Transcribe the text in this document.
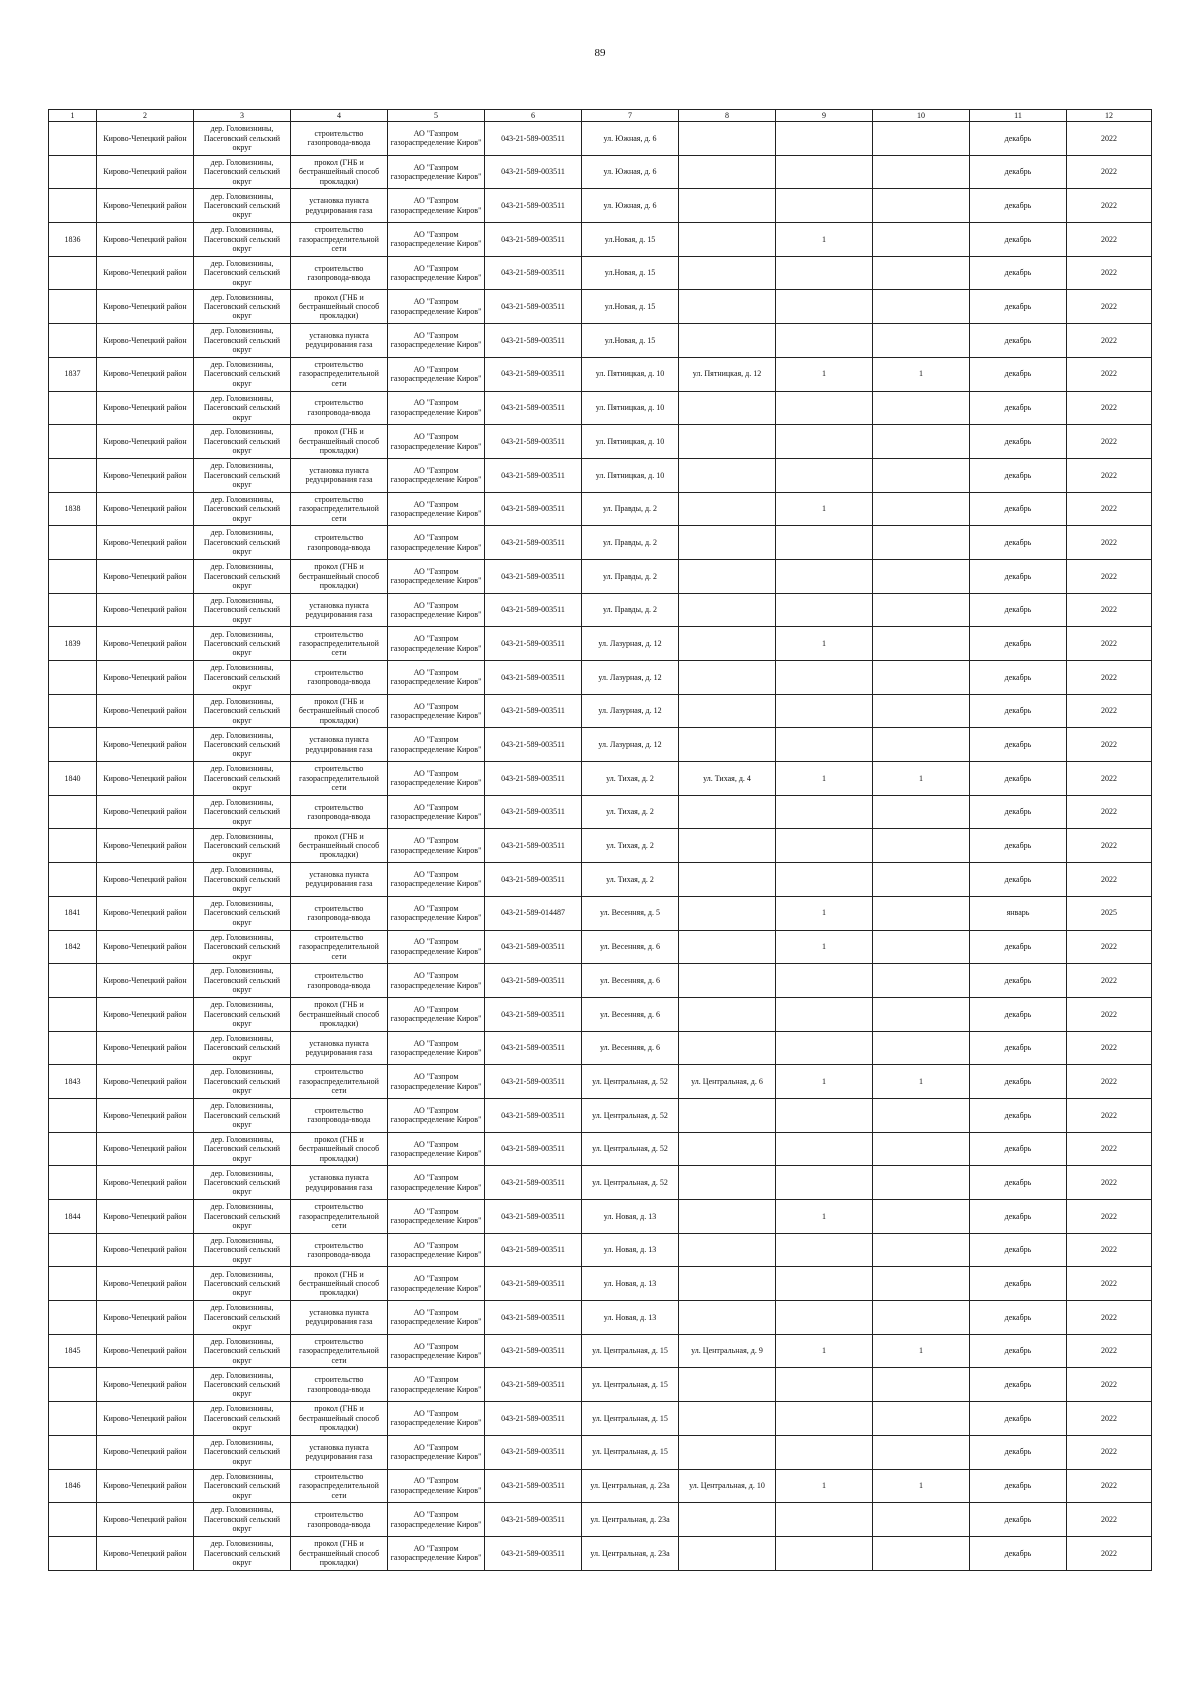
89
1	2	3	4	5	6	7	8	9	10	11	12
	Кирово-Чепецкий район	дер. Головизнины, Пасеговский сельский округ	строительство газопровода-ввода	АО "Газпром газораспределение Киров"	043-21-589-003511	ул. Южная, д. 6				декабрь	2022
	Кирово-Чепецкий район	дер. Головизнины, Пасеговский сельский округ	прокол (ГНБ и бестраншейный способ прокладки)	АО "Газпром газораспределение Киров"	043-21-589-003511	ул. Южная, д. 6				декабрь	2022
	Кирово-Чепецкий район	дер. Головизнины, Пасеговский сельский округ	установка пункта редуцирования газа	АО "Газпром газораспределение Киров"	043-21-589-003511	ул. Южная, д. 6				декабрь	2022
1836	Кирово-Чепецкий район	дер. Головизнины, Пасеговский сельский округ	строительство газораспределительной сети	АО "Газпром газораспределение Киров"	043-21-589-003511	ул.Новая, д. 15		1		декабрь	2022
	Кирово-Чепецкий район	дер. Головизнины, Пасеговский сельский округ	строительство газопровода-ввода	АО "Газпром газораспределение Киров"	043-21-589-003511	ул.Новая, д. 15				декабрь	2022
	Кирово-Чепецкий район	дер. Головизнины, Пасеговский сельский округ	прокол (ГНБ и бестраншейный способ прокладки)	АО "Газпром газораспределение Киров"	043-21-589-003511	ул.Новая, д. 15				декабрь	2022
	Кирово-Чепецкий район	дер. Головизнины, Пасеговский сельский округ	установка пункта редуцирования газа	АО "Газпром газораспределение Киров"	043-21-589-003511	ул.Новая, д. 15				декабрь	2022
1837	Кирово-Чепецкий район	дер. Головизнины, Пасеговский сельский округ	строительство газораспределительной сети	АО "Газпром газораспределение Киров"	043-21-589-003511	ул. Пятницкая, д. 10	ул. Пятницкая, д. 12	1	1	декабрь	2022
	Кирово-Чепецкий район	дер. Головизнины, Пасеговский сельский округ	строительство газопровода-ввода	АО "Газпром газораспределение Киров"	043-21-589-003511	ул. Пятницкая, д. 10				декабрь	2022
	Кирово-Чепецкий район	дер. Головизнины, Пасеговский сельский округ	прокол (ГНБ и бестраншейный способ прокладки)	АО "Газпром газораспределение Киров"	043-21-589-003511	ул. Пятницкая, д. 10				декабрь	2022
	Кирово-Чепецкий район	дер. Головизнины, Пасеговский сельский округ	установка пункта редуцирования газа	АО "Газпром газораспределение Киров"	043-21-589-003511	ул. Пятницкая, д. 10				декабрь	2022
1838	Кирово-Чепецкий район	дер. Головизнины, Пасеговский сельский округ	строительство газораспределительной сети	АО "Газпром газораспределение Киров"	043-21-589-003511	ул. Правды, д. 2		1		декабрь	2022
	Кирово-Чепецкий район	дер. Головизнины, Пасеговский сельский округ	строительство газопровода-ввода	АО "Газпром газораспределение Киров"	043-21-589-003511	ул. Правды, д. 2				декабрь	2022
	Кирово-Чепецкий район	дер. Головизнины, Пасеговский сельский округ	прокол (ГНБ и бестраншейный способ прокладки)	АО "Газпром газораспределение Киров"	043-21-589-003511	ул. Правды, д. 2				декабрь	2022
	Кирово-Чепецкий район	дер. Головизнины, Пасеговский сельский округ	установка пункта редуцирования газа	АО "Газпром газораспределение Киров"	043-21-589-003511	ул. Правды, д. 2				декабрь	2022
1839	Кирово-Чепецкий район	дер. Головизнины, Пасеговский сельский округ	строительство газораспределительной сети	АО "Газпром газораспределение Киров"	043-21-589-003511	ул. Лазурная, д. 12		1		декабрь	2022
	Кирово-Чепецкий район	дер. Головизнины, Пасеговский сельский округ	строительство газопровода-ввода	АО "Газпром газораспределение Киров"	043-21-589-003511	ул. Лазурная, д. 12				декабрь	2022
	Кирово-Чепецкий район	дер. Головизнины, Пасеговский сельский округ	прокол (ГНБ и бестраншейный способ прокладки)	АО "Газпром газораспределение Киров"	043-21-589-003511	ул. Лазурная, д. 12				декабрь	2022
	Кирово-Чепецкий район	дер. Головизнины, Пасеговский сельский округ	установка пункта редуцирования газа	АО "Газпром газораспределение Киров"	043-21-589-003511	ул. Лазурная, д. 12				декабрь	2022
1840	Кирово-Чепецкий район	дер. Головизнины, Пасеговский сельский округ	строительство газораспределительной сети	АО "Газпром газораспределение Киров"	043-21-589-003511	ул. Тихая, д. 2	ул. Тихая, д. 4	1	1	декабрь	2022
	Кирово-Чепецкий район	дер. Головизнины, Пасеговский сельский округ	строительство газопровода-ввода	АО "Газпром газораспределение Киров"	043-21-589-003511	ул. Тихая, д. 2				декабрь	2022
	Кирово-Чепецкий район	дер. Головизнины, Пасеговский сельский округ	прокол (ГНБ и бестраншейный способ прокладки)	АО "Газпром газораспределение Киров"	043-21-589-003511	ул. Тихая, д. 2				декабрь	2022
	Кирово-Чепецкий район	дер. Головизнины, Пасеговский сельский округ	установка пункта редуцирования газа	АО "Газпром газораспределение Киров"	043-21-589-003511	ул. Тихая, д. 2				декабрь	2022
1841	Кирово-Чепецкий район	дер. Головизнины, Пасеговский сельский округ	строительство газопровода-ввода	АО "Газпром газораспределение Киров"	043-21-589-014487	ул. Весенняя, д. 5		1		январь	2025
1842	Кирово-Чепецкий район	дер. Головизнины, Пасеговский сельский округ	строительство газораспределительной сети	АО "Газпром газораспределение Киров"	043-21-589-003511	ул. Весенняя, д. 6		1		декабрь	2022
	Кирово-Чепецкий район	дер. Головизнины, Пасеговский сельский округ	строительство газопровода-ввода	АО "Газпром газораспределение Киров"	043-21-589-003511	ул. Весенняя, д. 6				декабрь	2022
	Кирово-Чепецкий район	дер. Головизнины, Пасеговский сельский округ	прокол (ГНБ и бестраншейный способ прокладки)	АО "Газпром газораспределение Киров"	043-21-589-003511	ул. Весенняя, д. 6				декабрь	2022
	Кирово-Чепецкий район	дер. Головизнины, Пасеговский сельский округ	установка пункта редуцирования газа	АО "Газпром газораспределение Киров"	043-21-589-003511	ул. Весенняя, д. 6				декабрь	2022
1843	Кирово-Чепецкий район	дер. Головизнины, Пасеговский сельский округ	строительство газораспределительной сети	АО "Газпром газораспределение Киров"	043-21-589-003511	ул. Центральная, д. 52	ул. Центральная, д. 6	1	1	декабрь	2022
	Кирово-Чепецкий район	дер. Головизнины, Пасеговский сельский округ	строительство газопровода-ввода	АО "Газпром газораспределение Киров"	043-21-589-003511	ул. Центральная, д. 52				декабрь	2022
	Кирово-Чепецкий район	дер. Головизнины, Пасеговский сельский округ	прокол (ГНБ и бестраншейный способ прокладки)	АО "Газпром газораспределение Киров"	043-21-589-003511	ул. Центральная, д. 52				декабрь	2022
	Кирово-Чепецкий район	дер. Головизнины, Пасеговский сельский округ	установка пункта редуцирования газа	АО "Газпром газораспределение Киров"	043-21-589-003511	ул. Центральная, д. 52				декабрь	2022
1844	Кирово-Чепецкий район	дер. Головизнины, Пасеговский сельский округ	строительство газораспределительной сети	АО "Газпром газораспределение Киров"	043-21-589-003511	ул. Новая, д. 13		1		декабрь	2022
	Кирово-Чепецкий район	дер. Головизнины, Пасеговский сельский округ	строительство газопровода-ввода	АО "Газпром газораспределение Киров"	043-21-589-003511	ул. Новая, д. 13				декабрь	2022
	Кирово-Чепецкий район	дер. Головизнины, Пасеговский сельский округ	прокол (ГНБ и бестраншейный способ прокладки)	АО "Газпром газораспределение Киров"	043-21-589-003511	ул. Новая, д. 13				декабрь	2022
	Кирово-Чепецкий район	дер. Головизнины, Пасеговский сельский округ	установка пункта редуцирования газа	АО "Газпром газораспределение Киров"	043-21-589-003511	ул. Новая, д. 13				декабрь	2022
1845	Кирово-Чепецкий район	дер. Головизнины, Пасеговский сельский округ	строительство газораспределительной сети	АО "Газпром газораспределение Киров"	043-21-589-003511	ул. Центральная, д. 15	ул. Центральная, д. 9	1	1	декабрь	2022
	Кирово-Чепецкий район	дер. Головизнины, Пасеговский сельский округ	строительство газопровода-ввода	АО "Газпром газораспределение Киров"	043-21-589-003511	ул. Центральная, д. 15				декабрь	2022
	Кирово-Чепецкий район	дер. Головизнины, Пасеговский сельский округ	прокол (ГНБ и бестраншейный способ прокладки)	АО "Газпром газораспределение Киров"	043-21-589-003511	ул. Центральная, д. 15				декабрь	2022
	Кирово-Чепецкий район	дер. Головизнины, Пасеговский сельский округ	установка пункта редуцирования газа	АО "Газпром газораспределение Киров"	043-21-589-003511	ул. Центральная, д. 15				декабрь	2022
1846	Кирово-Чепецкий район	дер. Головизнины, Пасеговский сельский округ	строительство газораспределительной сети	АО "Газпром газораспределение Киров"	043-21-589-003511	ул. Центральная, д. 23а	ул. Центральная, д. 10	1	1	декабрь	2022
	Кирово-Чепецкий район	дер. Головизнины, Пасеговский сельский округ	строительство газопровода-ввода	АО "Газпром газораспределение Киров"	043-21-589-003511	ул. Центральная, д. 23а				декабрь	2022
	Кирово-Чепецкий район	дер. Головизнины, Пасеговский сельский округ	прокол (ГНБ и бестраншейный способ прокладки)	АО "Газпром газораспределение Киров"	043-21-589-003511	ул. Центральная, д. 23а				декабрь	2022
